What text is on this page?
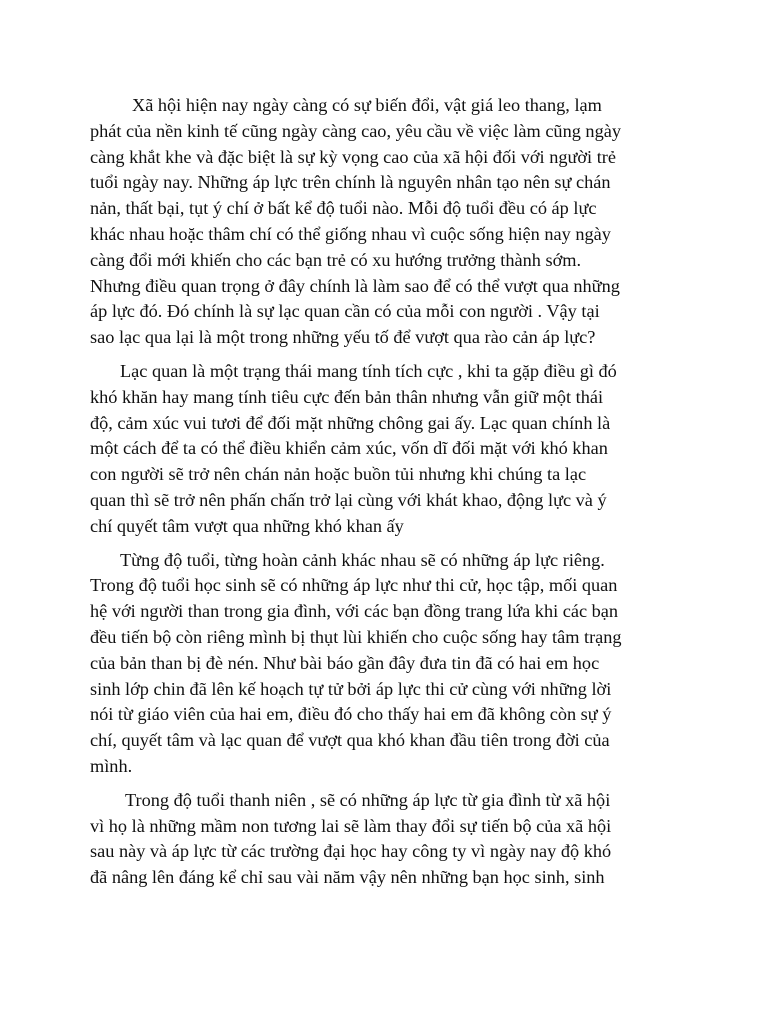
Xã hội hiện nay ngày càng có sự biến đổi, vật giá leo thang, lạm
phát của nền kinh tế cũng ngày càng cao, yêu cầu về việc làm cũng ngày
càng khắt khe và đặc biệt là sự kỳ vọng cao của xã hội đối với người trẻ
tuổi ngày nay. Những áp lực trên chính là nguyên nhân tạo nên sự chán
nản, thất bại, tụt ý chí ở bất kể độ tuổi nào. Mỗi độ tuổi đều có áp lực
khác nhau hoặc thâm chí có thể giống nhau vì cuộc sống hiện nay ngày
càng đổi mới khiến cho các bạn trẻ có xu hướng trưởng thành sớm.
Nhưng điều quan trọng ở đây chính là làm sao để có thể vượt qua những
áp lực đó. Đó chính là sự lạc quan cần có của mỗi con người . Vậy tại
sao lạc qua lại là một trong những yếu tố để vượt qua rào cản áp lực?

Lạc quan là một trạng thái mang tính tích cực , khi ta gặp điều gì đó
khó khăn hay mang tính tiêu cực đến bản thân nhưng vẫn giữ một thái
độ, cảm xúc vui tươi để đối mặt những chông gai ấy. Lạc quan chính là
một cách để ta có thể điều khiển cảm xúc, vốn dĩ đối mặt với khó khan
con người sẽ trở nên chán nản hoặc buồn tủi nhưng khi chúng ta lạc
quan thì sẽ trở nên phấn chấn trở lại cùng với khát khao, động lực và ý
chí quyết tâm vượt qua những khó khan ấy

Từng độ tuổi, từng hoàn cảnh khác nhau sẽ có những áp lực riêng.
Trong độ tuổi học sinh sẽ có những áp lực như thi cử, học tập, mối quan
hệ với người than trong gia đình, với các bạn đồng trang lứa khi các bạn
đều tiến bộ còn riêng mình bị thụt lùi khiến cho cuộc sống hay tâm trạng
của bản than bị đè nén. Như bài báo gần đây đưa tin đã có hai em học
sinh lớp chin đã lên kế hoạch tự tử bởi áp lực thi cử cùng với những lời
nói từ giáo viên của hai em, điều đó cho thấy hai em đã không còn sự ý
chí, quyết tâm và lạc quan để vượt qua khó khan đầu tiên trong đời của
mình.

Trong độ tuổi thanh niên , sẽ có những áp lực từ gia đình từ xã hội
vì họ là những mầm non tương lai sẽ làm thay đổi sự tiến bộ của xã hội
sau này và áp lực từ các trường đại học hay công ty vì ngày nay độ khó
đã nâng lên đáng kể chỉ sau vài năm vậy nên những bạn học sinh, sinh
